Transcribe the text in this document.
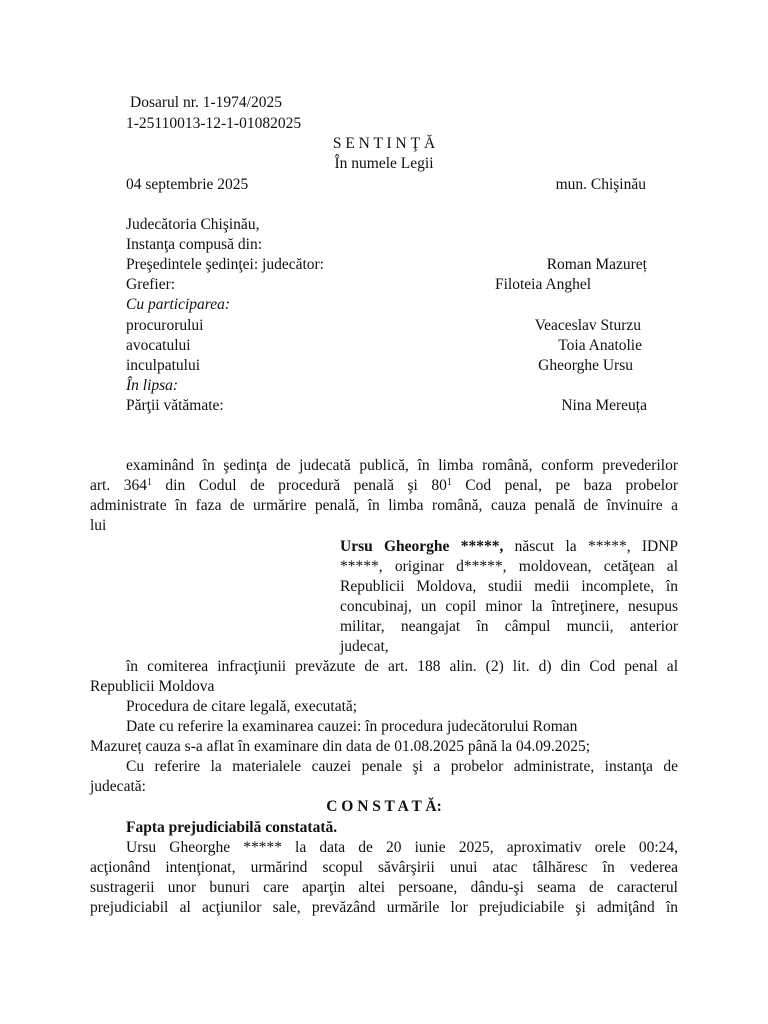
Dosarul nr. 1-1974/2025
1-25110013-12-1-01082025
S E N T I N Ţ Ă
În numele Legii
04 septembrie 2025	mun. Chişinău
Judecătoria Chişinău,
Instanţa compusă din:
Preşedintele şedinţei: judecător:	Roman Mazureț
Grefier:	Filoteia Anghel
Cu participarea:
procurorului	Veaceslav Sturzu
avocatului	Toia Anatolie
inculpatului	Gheorghe Ursu
În lipsa:
Părţii vătămate:	Nina Mereuța
examinând în şedinţa de judecată publică, în limba română, conform prevederilor
art. $364^1$ din Codul de procedură penală şi $80^1$ Cod penal, pe baza probelor
administrate în faza de urmărire penală, în limba română, cauza penală de învinuire a
lui
Ursu Gheorghe *****, născut la *****, IDNP
*****, originar d*****, moldovean, cetăţean al
Republicii Moldova, studii medii incomplete, în
concubinaj, un copil minor la întreţinere, nesupus
militar, neangajat în câmpul muncii, anterior
judecat,
în comiterea infracţiunii prevăzute de art. 188 alin. (2) lit. d) din Cod penal al
Republicii Moldova
Procedura de citare legală, executată;
Date cu referire la examinarea cauzei: în procedura judecătorului Roman
Mazureț cauza s-a aflat în examinare din data de 01.08.2025 până la 04.09.2025;
Cu referire la materialele cauzei penale şi a probelor administrate, instanţa de
judecată:
C O N S T A T Ă:
Fapta prejudiciabilă constatată.
Ursu Gheorghe ***** la data de 20 iunie 2025, aproximativ orele 00:24,
acţionând intenţionat, urmărind scopul săvârşirii unui atac tâlhăresc în vederea
sustragerii unor bunuri care aparţin altei persoane, dându-şi seama de caracterul
prejudiciabil al acţiunilor sale, prevăzând urmările lor prejudiciabile şi admiţând în
